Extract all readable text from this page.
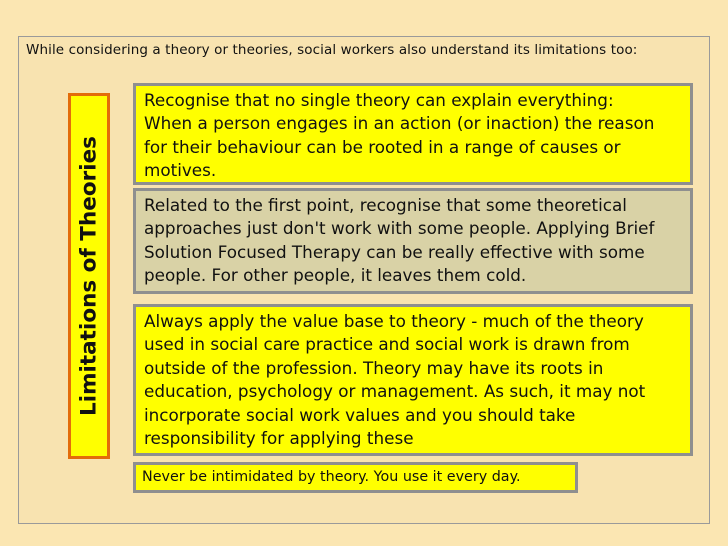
While considering a theory or theories, social workers also understand its limitations too:
Limitations of Theories
Recognise that no single theory can explain everything:
When a person engages in an action (or inaction) the reason
for their behaviour can be rooted in a range of causes or
motives.
Related to the first point, recognise that some theoretical
approaches just don't work with some people. Applying Brief
Solution Focused Therapy can be really effective with some
people. For other people, it leaves them cold.
Always apply the value base to theory - much of the theory
used in social care practice and social work is drawn from
outside of the profession. Theory may have its roots in
education, psychology or management. As such, it may not
incorporate social work values and you should take
responsibility for applying these
Never be intimidated by theory. You use it every day.
